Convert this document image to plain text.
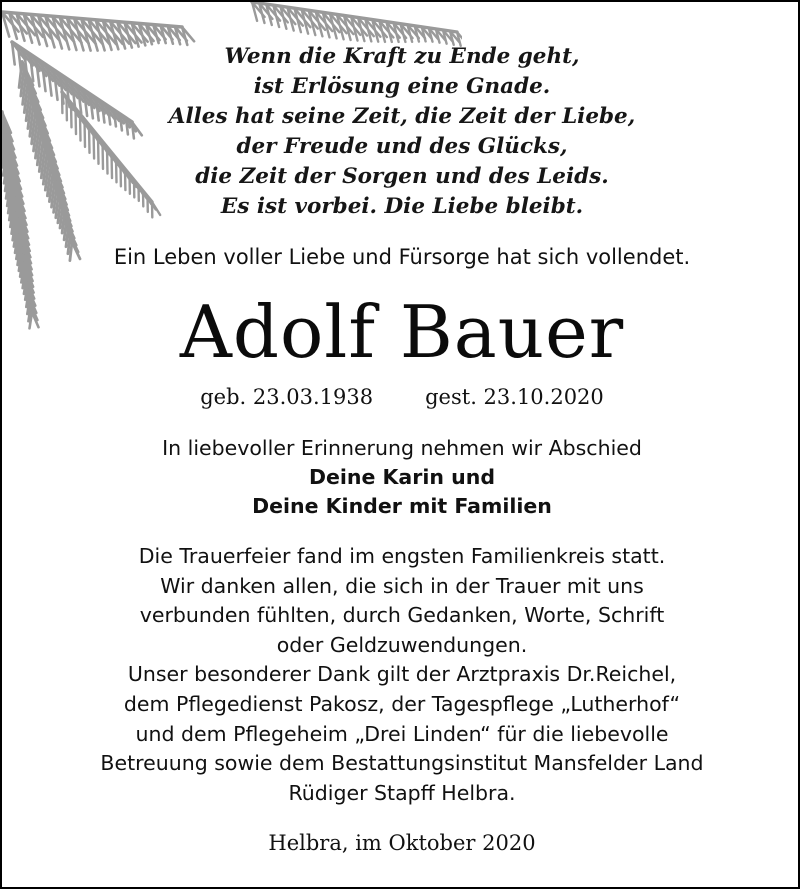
Wenn die Kraft zu Ende geht,
ist Erlösung eine Gnade.
Alles hat seine Zeit, die Zeit der Liebe,
der Freude und des Glücks,
die Zeit der Sorgen und des Leids.
Es ist vorbei. Die Liebe bleibt.
Ein Leben voller Liebe und Fürsorge hat sich vollendet.
Adolf Bauer
geb. 23.03.1938 gest. 23.10.2020
In liebevoller Erinnerung nehmen wir Abschied
Deine Karin und
Deine Kinder mit Familien
Die Trauerfeier fand im engsten Familienkreis statt.
Wir danken allen, die sich in der Trauer mit uns
verbunden fühlten, durch Gedanken, Worte, Schrift
oder Geldzuwendungen.
Unser besonderer Dank gilt der Arztpraxis Dr.Reichel,
dem Pflegedienst Pakosz, der Tagespflege „Lutherhof“
und dem Pflegeheim „Drei Linden“ für die liebevolle
Betreuung sowie dem Bestattungsinstitut Mansfelder Land
Rüdiger Stapff Helbra.
Helbra, im Oktober 2020
